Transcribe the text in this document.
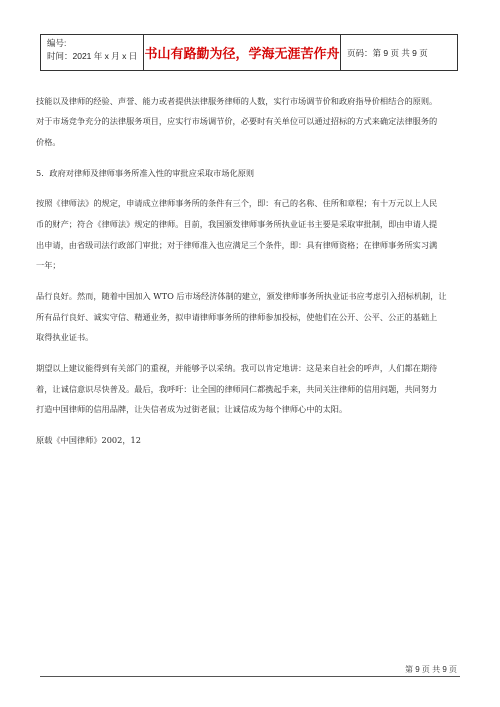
编号:
时间：2021 年 x 月 x 日 书山有路勤为径，学海无涯苦作舟 页码：第 9 页 共 9 页
技能以及律师的经验、声誉、能力或者提供法律服务律师的人数，实行市场调节价和政府指导价相结合的原则。
对于市场竞争充分的法律服务项目，应实行市场调节价，必要时有关单位可以通过招标的方式来确定法律服务的
价格。
5．政府对律师及律师事务所准入性的审批应采取市场化原则
按照《律师法》的规定，申请成立律师事务所的条件有三个，即：有己的名称、住所和章程；有十万元以上人民
币的财产；符合《律师法》规定的律师。目前，我国颁发律师事务所执业证书主要是采取审批制，即由申请人提
出申请，由省级司法行政部门审批；对于律师准入也应满足三个条件，即：具有律师资格；在律师事务所实习满
一年；
品行良好。然而，随着中国加入 WTO 后市场经济体制的建立，颁发律师事务所执业证书应考虑引入招标机制，让
所有品行良好、诚实守信、精通业务，拟申请律师事务所的律师参加投标，使他们在公开、公平、公正的基础上
取得执业证书。
期望以上建议能得到有关部门的重视，并能够予以采纳。我可以肯定地讲：这是来自社会的呼声，人们都在期待
着，让诚信意识尽快普及。最后，我呼吁：让全国的律师同仁都携起手来，共同关注律师的信用问题，共同努力
打造中国律师的信用品牌，让失信者成为过街老鼠；让诚信成为每个律师心中的太阳。
原载《中国律师》2002，12
第 9 页 共 9 页
